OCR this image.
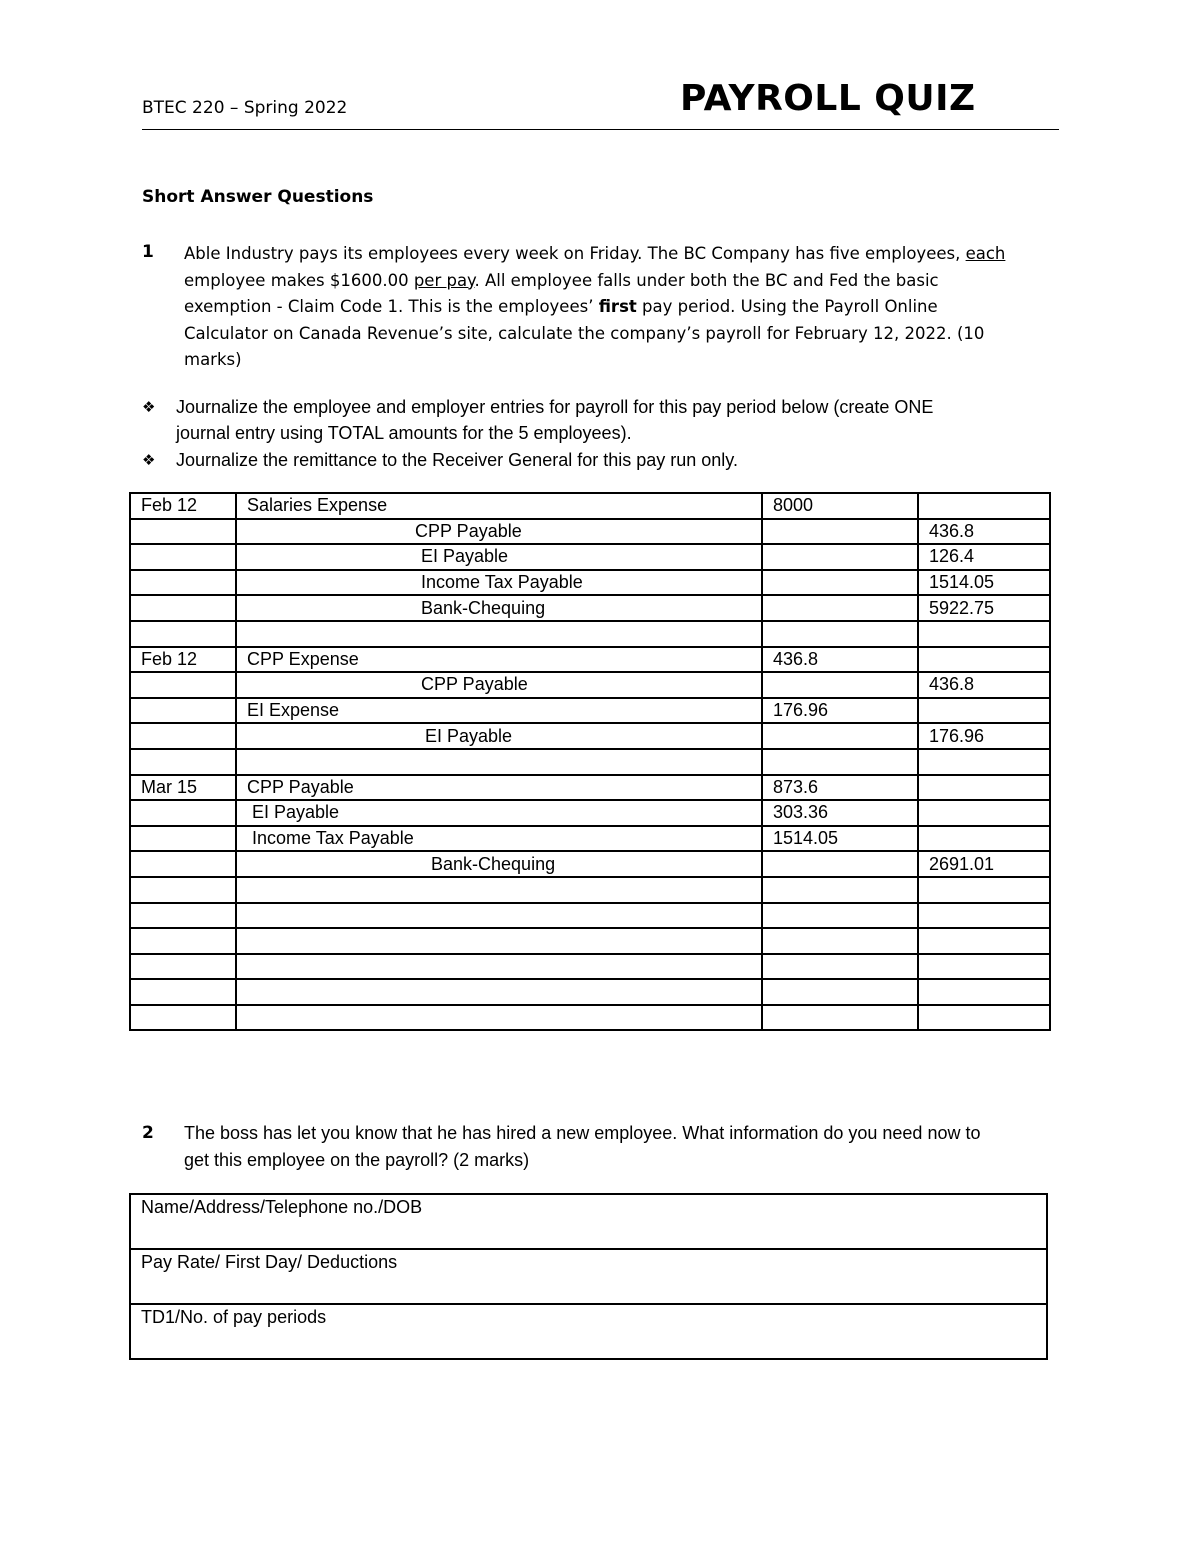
BTEC 220 – Spring 2022	PAYROLL QUIZ
Short Answer Questions
1 Able Industry pays its employees every week on Friday. The BC Company has five employees, each
employee makes $1600.00 per pay. All employee falls under both the BC and Fed the basic
exemption - Claim Code 1. This is the employees’ first pay period. Using the Payroll Online
Calculator on Canada Revenue’s site, calculate the company’s payroll for February 12, 2022. (10
marks)
❖ Journalize the employee and employer entries for payroll for this pay period below (create ONE
journal entry using TOTAL amounts for the 5 employees).
❖ Journalize the remittance to the Receiver General for this pay run only.
Feb 12	Salaries Expense	8000	
	CPP Payable		436.8
	EI Payable		126.4
	Income Tax Payable		1514.05
	Bank-Chequing		5922.75

Feb 12	CPP Expense	436.8	
	CPP Payable		436.8
	EI Expense	176.96	
	EI Payable		176.96

Mar 15	CPP Payable	873.6	
	EI Payable	303.36	
	Income Tax Payable	1514.05	
	Bank-Chequing		2691.01

2 The boss has let you know that he has hired a new employee. What information do you need now to
get this employee on the payroll? (2 marks)
Name/Address/Telephone no./DOB
Pay Rate/ First Day/ Deductions
TD1/No. of pay periods
